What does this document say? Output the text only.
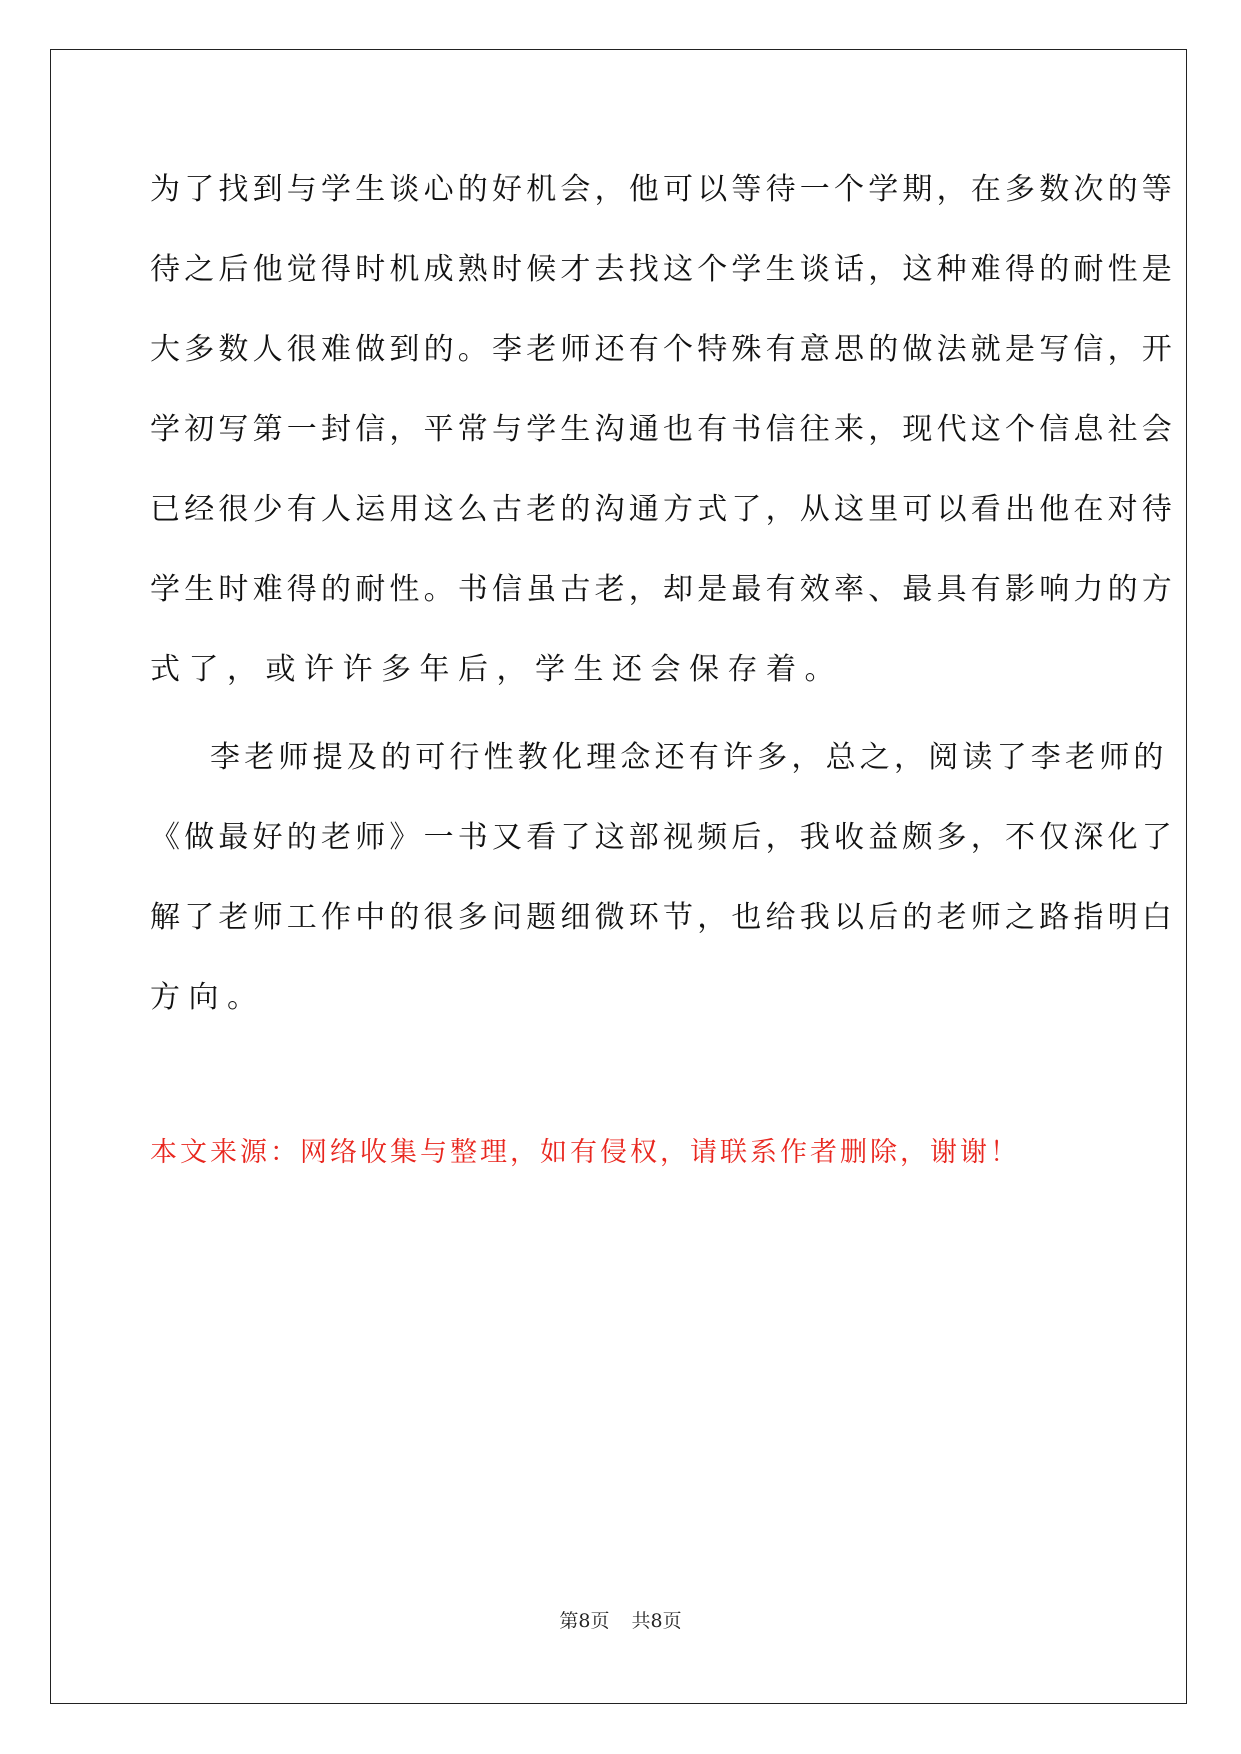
为了找到与学生谈心的好机会，他可以等待一个学期，在多数次的等
待之后他觉得时机成熟时候才去找这个学生谈话，这种难得的耐性是
大多数人很难做到的。李老师还有个特殊有意思的做法就是写信，开
学初写第一封信，平常与学生沟通也有书信往来，现代这个信息社会
已经很少有人运用这么古老的沟通方式了，从这里可以看出他在对待
学生时难得的耐性。书信虽古老，却是最有效率、最具有影响力的方
式了，或许许多年后，学生还会保存着。
李老师提及的可行性教化理念还有许多，总之，阅读了李老师的
《做最好的老师》一书又看了这部视频后，我收益颇多，不仅深化了
解了老师工作中的很多问题细微环节，也给我以后的老师之路指明白
方向。
本文来源：网络收集与整理，如有侵权，请联系作者删除，谢谢！
第8页 共8页
